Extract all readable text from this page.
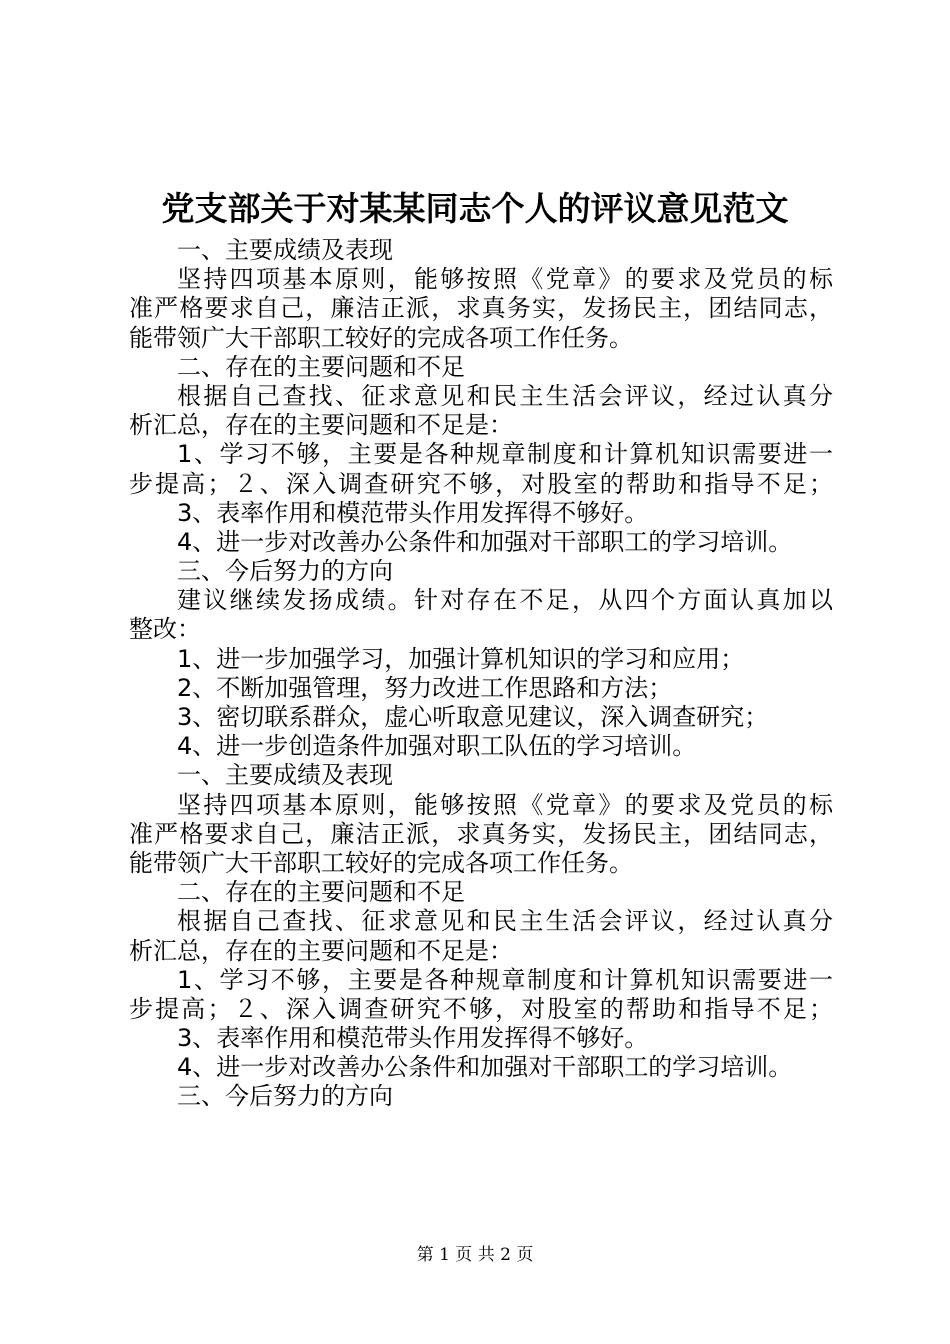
党支部关于对某某同志个人的评议意见范文
一、主要成绩及表现
坚持四项基本原则，能够按照《党章》的要求及党员的标
准严格要求自己，廉洁正派，求真务实，发扬民主，团结同志，
能带领广大干部职工较好的完成各项工作任务。
二、存在的主要问题和不足
根据自己查找、征求意见和民主生活会评议，经过认真分
析汇总，存在的主要问题和不足是：
1、学习不够，主要是各种规章制度和计算机知识需要进一
步提高；２、深入调查研究不够，对股室的帮助和指导不足；
3、表率作用和模范带头作用发挥得不够好。
4、进一步对改善办公条件和加强对干部职工的学习培训。
三、今后努力的方向
建议继续发扬成绩。针对存在不足，从四个方面认真加以
整改：
1、进一步加强学习，加强计算机知识的学习和应用；
2、不断加强管理，努力改进工作思路和方法；
3、密切联系群众，虚心听取意见建议，深入调查研究；
4、进一步创造条件加强对职工队伍的学习培训。
一、主要成绩及表现
坚持四项基本原则，能够按照《党章》的要求及党员的标
准严格要求自己，廉洁正派，求真务实，发扬民主，团结同志，
能带领广大干部职工较好的完成各项工作任务。
二、存在的主要问题和不足
根据自己查找、征求意见和民主生活会评议，经过认真分
析汇总，存在的主要问题和不足是：
1、学习不够，主要是各种规章制度和计算机知识需要进一
步提高；２、深入调查研究不够，对股室的帮助和指导不足；
3、表率作用和模范带头作用发挥得不够好。
4、进一步对改善办公条件和加强对干部职工的学习培训。
三、今后努力的方向
第 1 页 共 2 页
